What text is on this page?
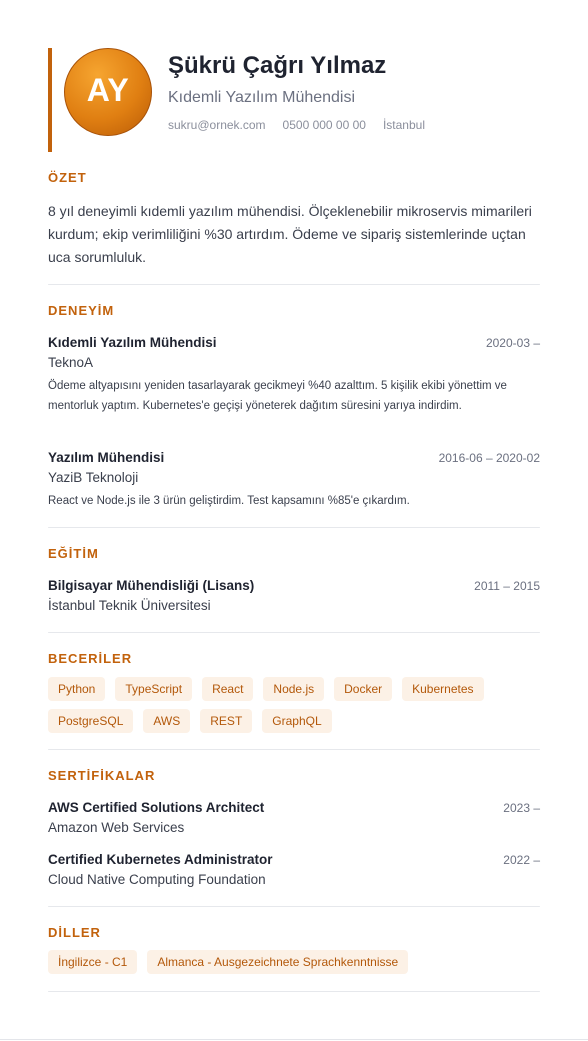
AY
Şükrü Çağrı Yılmaz
Kıdemli Yazılım Mühendisi
sukru@ornek.com 0500 000 00 00 İstanbul
ÖZET
8 yıl deneyimli kıdemli yazılım mühendisi. Ölçeklenebilir mikroservis mimarileri kurdum; ekip verimliliğini %30 artırdım. Ödeme ve sipariş sistemlerinde uçtan uca sorumluluk.
DENEYİM
Kıdemli Yazılım Mühendisi	2020-03 –
TeknoA
Ödeme altyapısını yeniden tasarlayarak gecikmeyi %40 azalttım. 5 kişilik ekibi yönettim ve mentorluk yaptım. Kubernetes'e geçişi yöneterek dağıtım süresini yarıya indirdim.
Yazılım Mühendisi	2016-06 – 2020-02
YaziB Teknoloji
React ve Node.js ile 3 ürün geliştirdim. Test kapsamını %85'e çıkardım.
EĞİTİM
Bilgisayar Mühendisliği (Lisans)	2011 – 2015
İstanbul Teknik Üniversitesi
BECERİLER
Python	TypeScript	React	Node.js	Docker	Kubernetes
PostgreSQL	AWS	REST	GraphQL
SERTİFİKALAR
AWS Certified Solutions Architect	2023 –
Amazon Web Services
Certified Kubernetes Administrator	2022 –
Cloud Native Computing Foundation
DİLLER
İngilizce - C1	Almanca - Ausgezeichnete Sprachkenntnisse
